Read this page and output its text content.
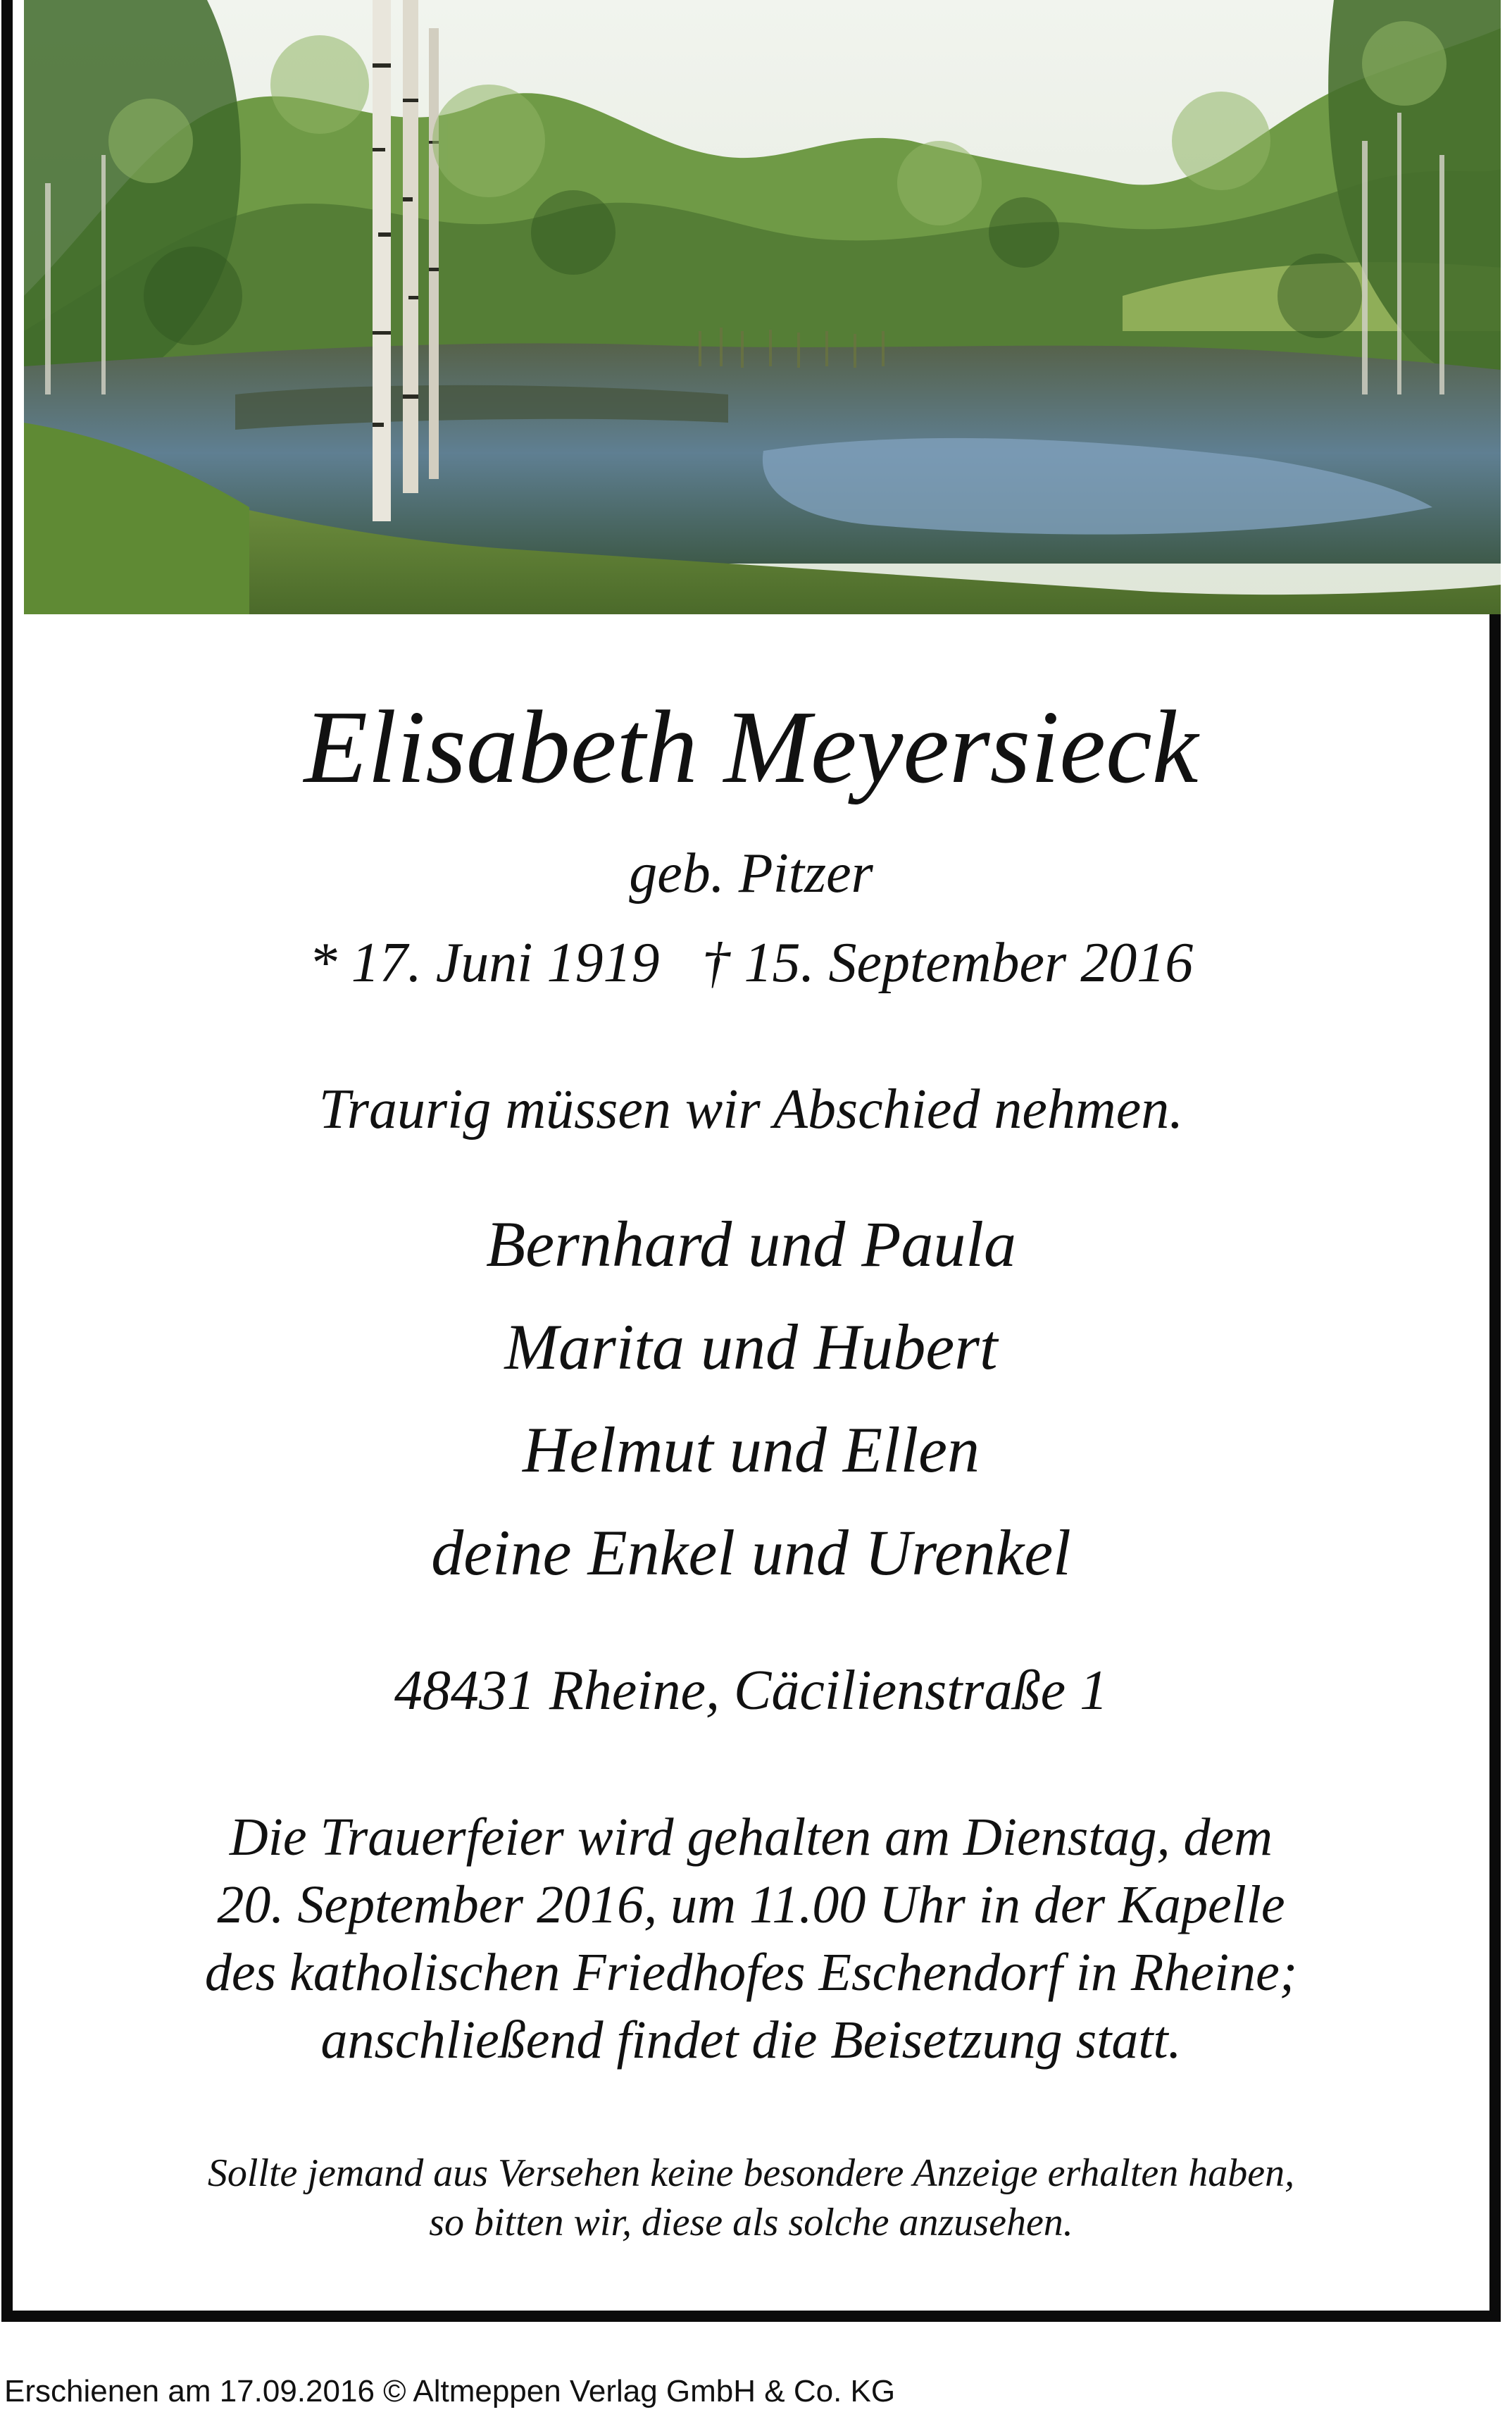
Elisabeth Meyersieck
geb. Pitzer
* 17. Juni 1919 † 15. September 2016
Traurig müssen wir Abschied nehmen.
Bernhard und Paula
Marita und Hubert
Helmut und Ellen
deine Enkel und Urenkel
48431 Rheine, Cäcilienstraße 1
Die Trauerfeier wird gehalten am Dienstag, dem
20. September 2016, um 11.00 Uhr in der Kapelle
des katholischen Friedhofes Eschendorf in Rheine;
anschließend findet die Beisetzung statt.
Sollte jemand aus Versehen keine besondere Anzeige erhalten haben,
so bitten wir, diese als solche anzusehen.
Erschienen am 17.09.2016 © Altmeppen Verlag GmbH & Co. KG
